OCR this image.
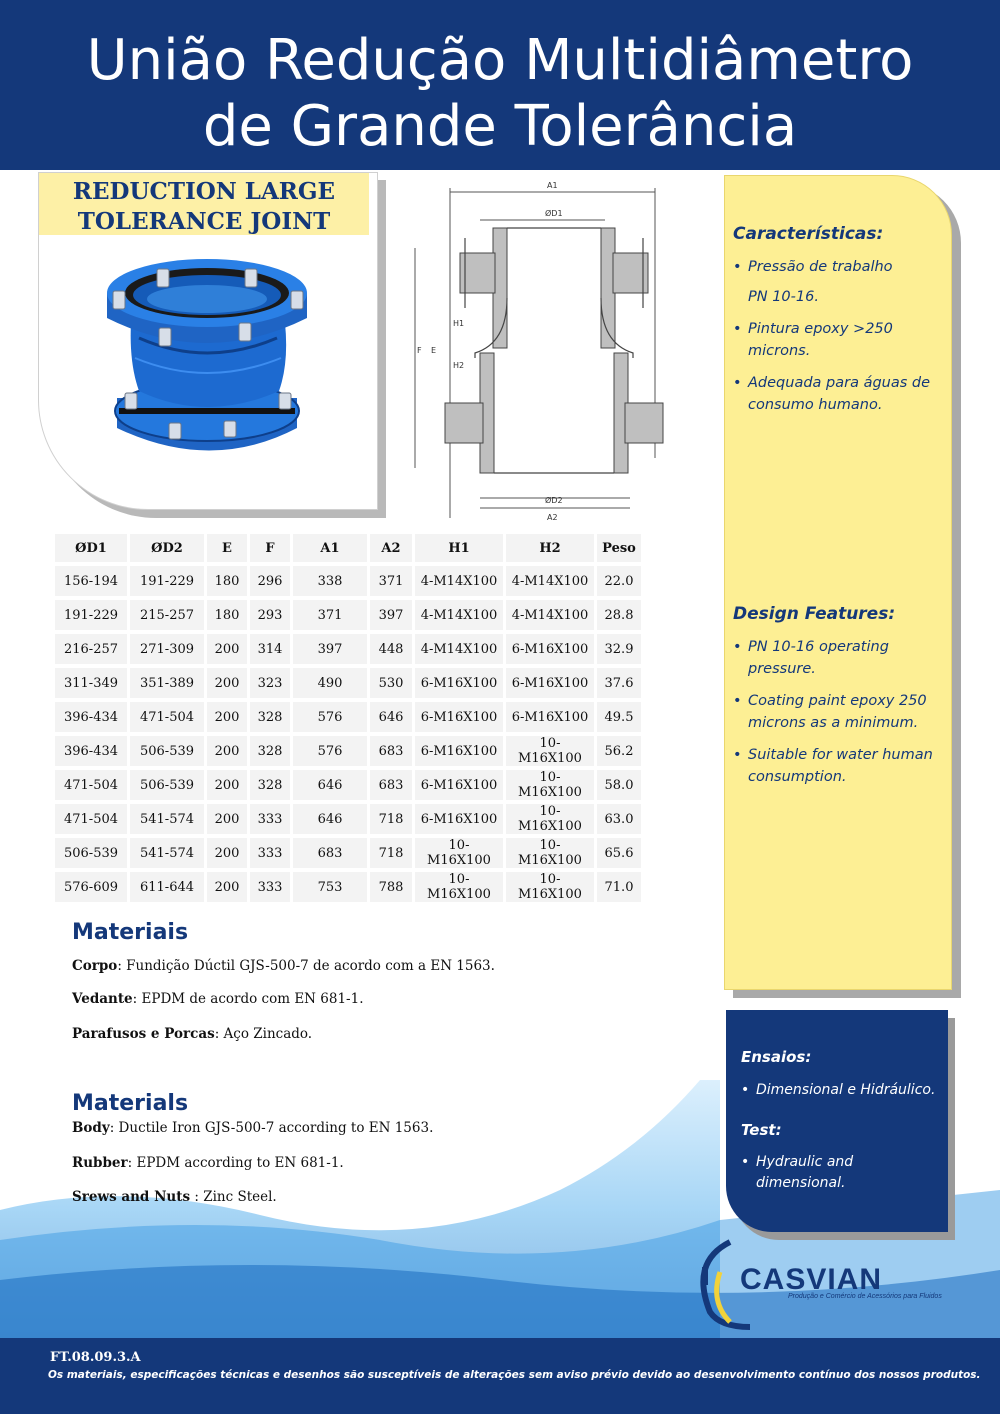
União Redução Multidiâmetro
de Grande Tolerância
REDUCTION LARGE
TOLERANCE JOINT
A1
ØD1
ØD2
A2
H1
H2
F E
Características:
• Pressão de trabalho
PN 10-16.
• Pintura epoxy >250 microns.
• Adequada para águas de consumo humano.
Design Features:
• PN 10-16 operating pressure.
• Coating paint epoxy 250 microns as a minimum.
• Suitable for water human consumption.
ØD1	ØD2	E	F	A1	A2	H1	H2	Peso
156-194	191-229	180	296	338	371	4-M14X100	4-M14X100	22.0
191-229	215-257	180	293	371	397	4-M14X100	4-M14X100	28.8
216-257	271-309	200	314	397	448	4-M14X100	6-M16X100	32.9
311-349	351-389	200	323	490	530	6-M16X100	6-M16X100	37.6
396-434	471-504	200	328	576	646	6-M16X100	6-M16X100	49.5
396-434	506-539	200	328	576	683	6-M16X100	10-M16X100	56.2
471-504	506-539	200	328	646	683	6-M16X100	10-M16X100	58.0
471-504	541-574	200	333	646	718	6-M16X100	10-M16X100	63.0
506-539	541-574	200	333	683	718	10-M16X100	10-M16X100	65.6
576-609	611-644	200	333	753	788	10-M16X100	10-M16X100	71.0
Materiais
Corpo: Fundição Dúctil GJS-500-7 de acordo com a EN 1563.
Vedante: EPDM de acordo com EN 681-1.
Parafusos e Porcas: Aço Zincado.
Materials
Body: Ductile Iron GJS-500-7 according to EN 1563.
Rubber: EPDM according to EN 681-1.
Srews and Nuts : Zinc Steel.
Ensaios:
• Dimensional e Hidráulico.
Test:
• Hydraulic and dimensional.
CASVIAN
Produção e Comércio de Acessórios para Fluidos
FT.08.09.3.A
Os materiais, especificações técnicas e desenhos são susceptíveis de alterações sem aviso prévio devido ao desenvolvimento contínuo dos nossos produtos.
